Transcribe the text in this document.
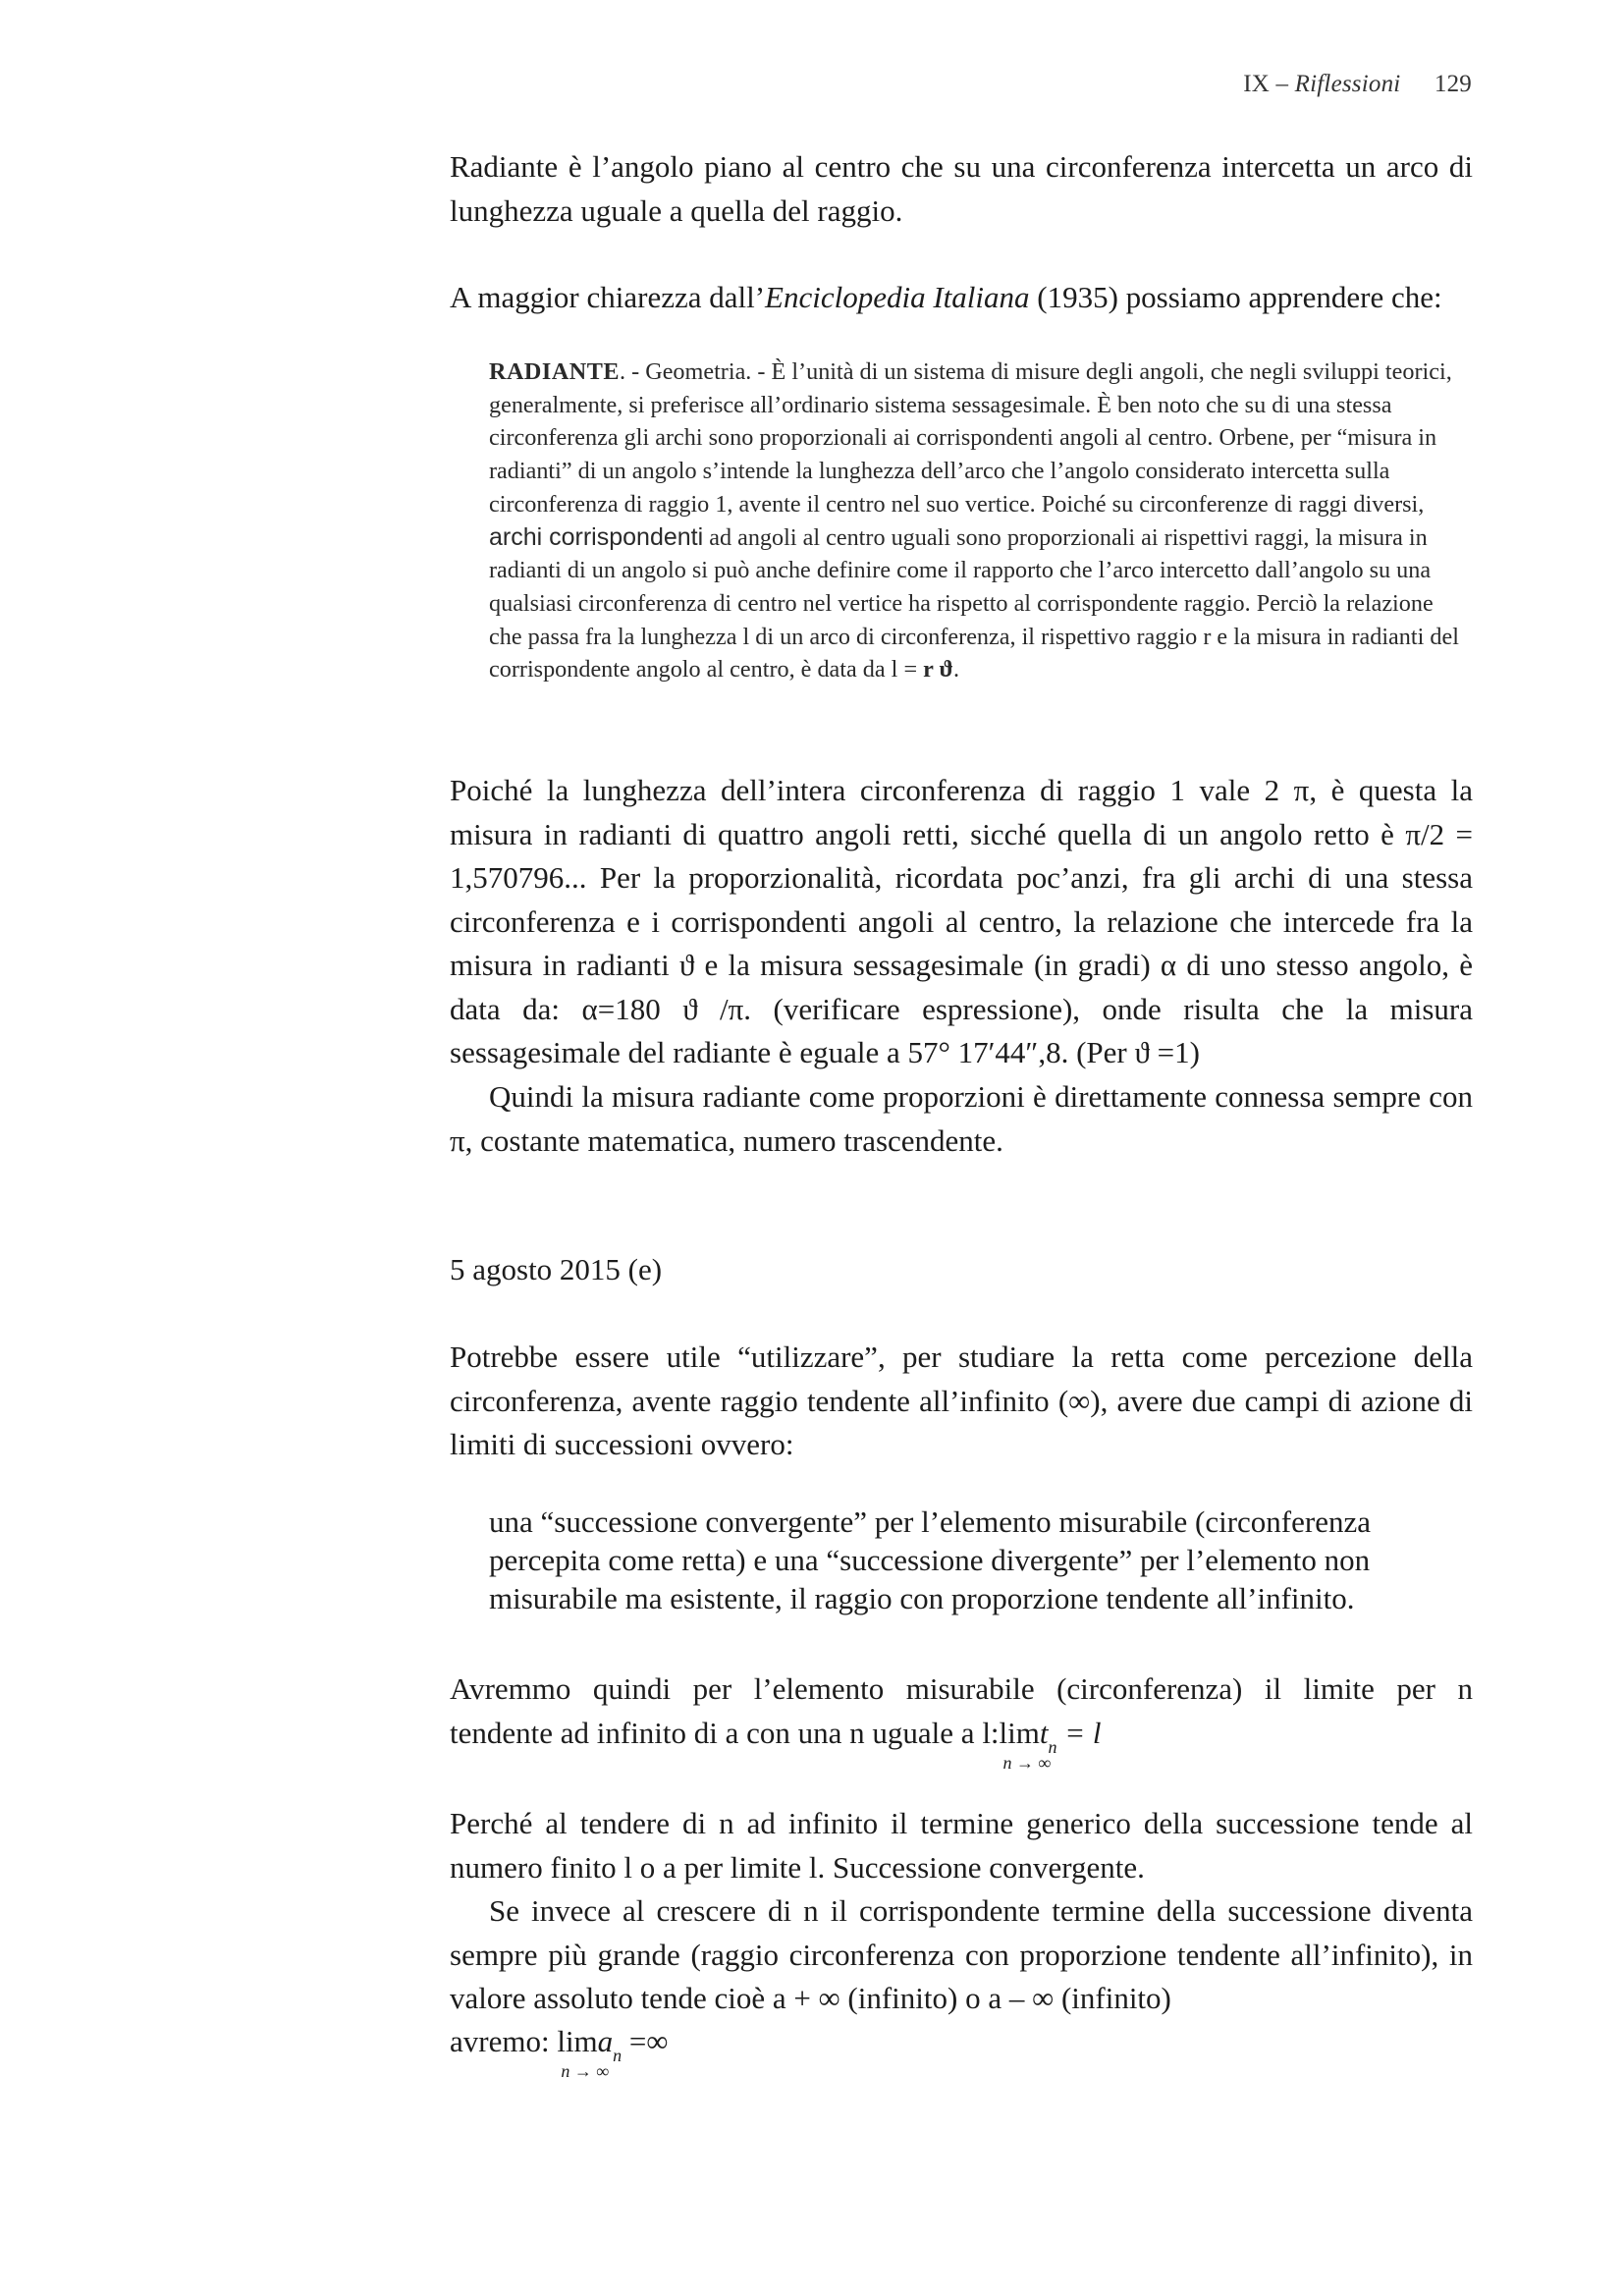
IX – Riflessioni 129

Radiante è l’angolo piano al centro che su una circonferenza intercetta un arco di lunghezza uguale a quella del raggio.

A maggior chiarezza dall’Enciclopedia Italiana (1935) possiamo apprendere che:

RADIANTE. - Geometria. - È l’unità di un sistema di misure degli angoli, che negli sviluppi teorici, generalmente, si preferisce all’ordinario sistema sessagesimale. È ben noto che su di una stessa circonferenza gli archi sono proporzionali ai corrispondenti angoli al centro. Orbene, per “misura in radianti” di un angolo s’intende la lunghezza dell’arco che l’angolo considerato intercetta sulla circonferenza di raggio 1, avente il centro nel suo vertice. Poiché su circonferenze di raggi diversi, archi corrispondenti ad angoli al centro uguali sono proporzionali ai rispettivi raggi, la misura in radianti di un angolo si può anche definire come il rapporto che l’arco intercetto dall’angolo su una qualsiasi circonferenza di centro nel vertice ha rispetto al corrispondente raggio. Perciò la relazione che passa fra la lunghezza l di un arco di circonferenza, il rispettivo raggio r e la misura in radianti del corrispondente angolo al centro, è data da l = r ϑ.

Poiché la lunghezza dell’intera circonferenza di raggio 1 vale 2 π, è questa la misura in radianti di quattro angoli retti, sicché quella di un angolo retto è π/2 = 1,570796... Per la proporzionalità, ricordata poc’anzi, fra gli archi di una stessa circonferenza e i corrispondenti angoli al centro, la relazione che intercede fra la misura in radianti ϑ e la misura sessagesimale (in gradi) α di uno stesso angolo, è data da: α=180 ϑ /π. (verificare espressione), onde risulta che la misura sessagesimale del radiante è eguale a 57° 17′44″,8. (Per ϑ =1)

Quindi la misura radiante come proporzioni è direttamente connessa sempre con π, costante matematica, numero trascendente.

5 agosto 2015 (e)

Potrebbe essere utile “utilizzare”, per studiare la retta come percezione della circonferenza, avente raggio tendente all’infinito (∞), avere due campi di azione di limiti di successioni ovvero:

una “successione convergente” per l’elemento misurabile (circonferenza percepita come retta) e una “successione divergente” per l’elemento non misurabile ma esistente, il raggio con proporzione tendente all’infinito.

Avremmo quindi per l’elemento misurabile (circonferenza) il limite per n
tendente ad infinito di a con una n uguale a l:limt$_n$
n → ∞
= l

Perché al tendere di n ad infinito il termine generico della successione tende al numero finito l o a per limite l. Successione convergente.

Se invece al crescere di n il corrispondente termine della successione diventa sempre più grande (raggio circonferenza con proporzione tendente all’infinito), in valore assoluto tende cioè a + ∞ (infinito) o a – ∞ (infinito)
avremo: lima$_n$
n → ∞
=∞
